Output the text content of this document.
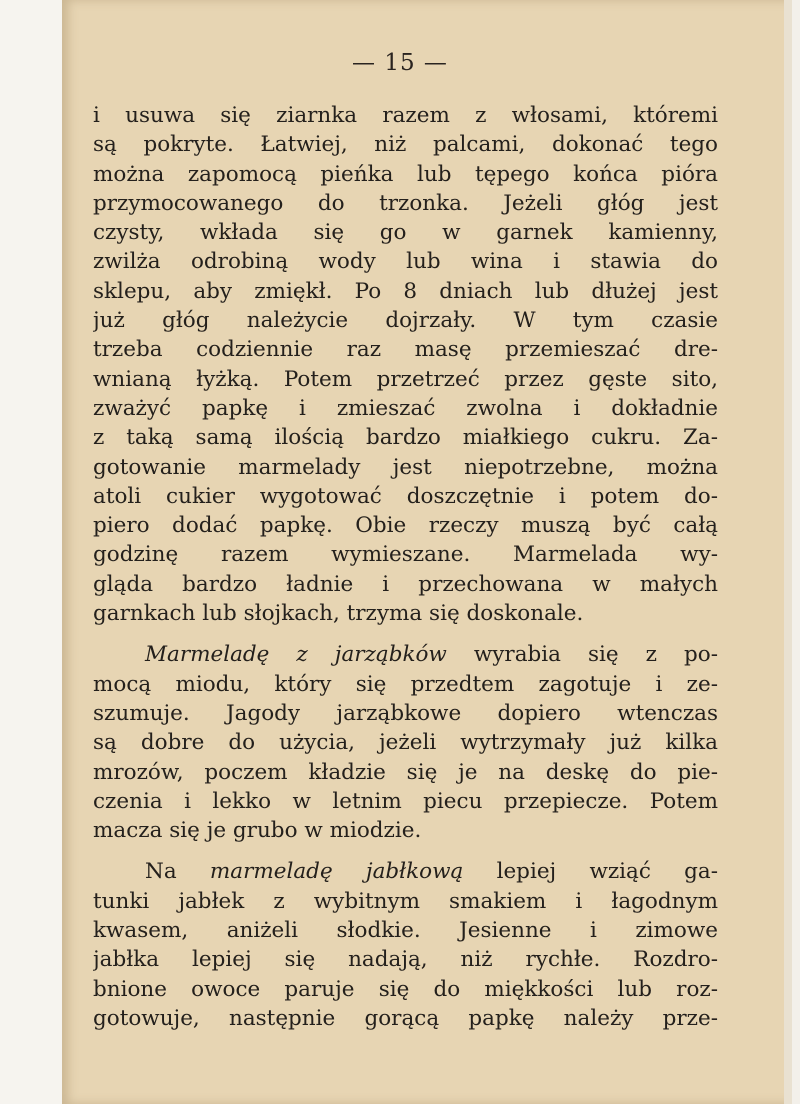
— 15 —
i usuwa się ziarnka razem z włosami, któremi
są pokryte. Łatwiej, niż palcami, dokonać tego
można zapomocą pieńka lub tępego końca pióra
przymocowanego do trzonka. Jeżeli głóg jest
czysty, wkłada się go w garnek kamienny,
zwilża odrobiną wody lub wina i stawia do
sklepu, aby zmiękł. Po 8 dniach lub dłużej jest
już głóg należycie dojrzały. W tym czasie
trzeba codziennie raz masę przemieszać dre-
wnianą łyżką. Potem przetrzeć przez gęste sito,
zważyć papkę i zmieszać zwolna i dokładnie
z taką samą ilością bardzo miałkiego cukru. Za-
gotowanie marmelady jest niepotrzebne, można
atoli cukier wygotować doszczętnie i potem do-
piero dodać papkę. Obie rzeczy muszą być całą
godzinę razem wymieszane. Marmelada wy-
gląda bardzo ładnie i przechowana w małych
garnkach lub słojkach, trzyma się doskonale.
Marmeladę z jarząbków wyrabia się z po-
mocą miodu, który się przedtem zagotuje i ze-
szumuje. Jagody jarząbkowe dopiero wtenczas
są dobre do użycia, jeżeli wytrzymały już kilka
mrozów, poczem kładzie się je na deskę do pie-
czenia i lekko w letnim piecu przepiecze. Potem
macza się je grubo w miodzie.
Na marmeladę jabłkową lepiej wziąć ga-
tunki jabłek z wybitnym smakiem i łagodnym
kwasem, aniżeli słodkie. Jesienne i zimowe
jabłka lepiej się nadają, niż rychłe. Rozdro-
bnione owoce paruje się do miękkości lub roz-
gotowuje, następnie gorącą papkę należy prze-
